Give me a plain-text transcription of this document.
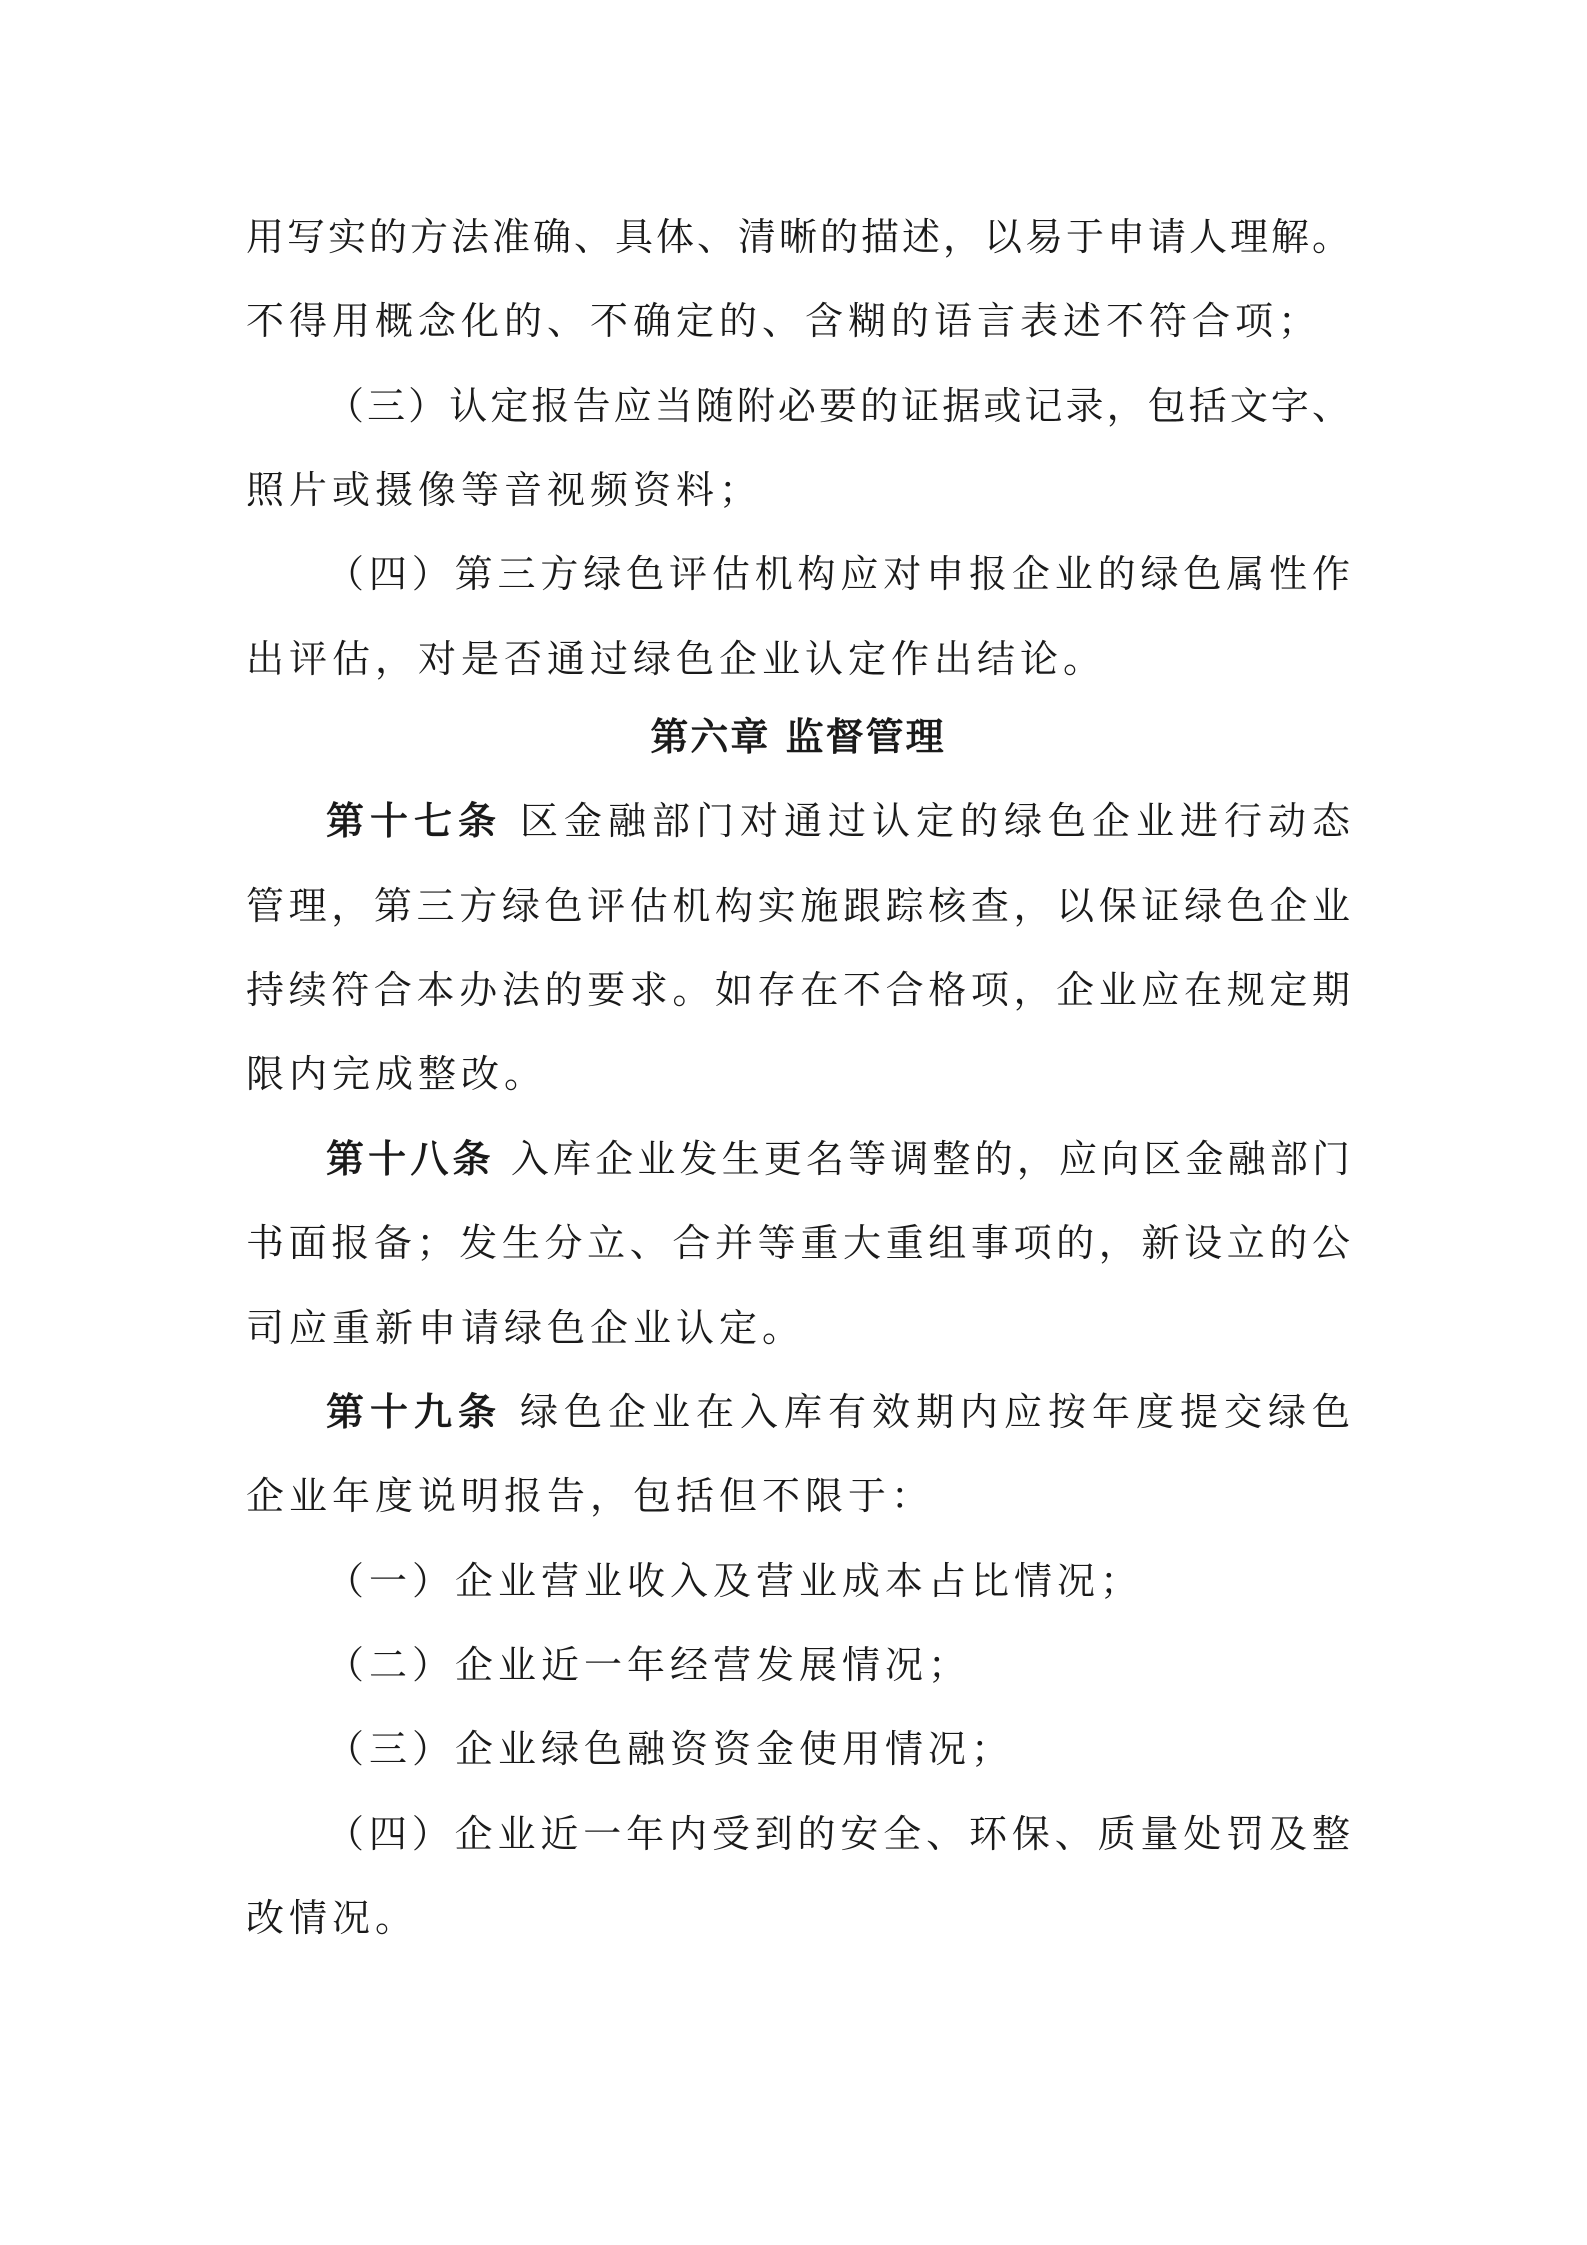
用写实的方法准确、具体、清晰的描述，以易于申请人理解。
不得用概念化的、不确定的、含糊的语言表述不符合项；
（三）认定报告应当随附必要的证据或记录，包括文字、
照片或摄像等音视频资料；
（四）第三方绿色评估机构应对申报企业的绿色属性作
出评估，对是否通过绿色企业认定作出结论。
第六章 监督管理
第十七条 区金融部门对通过认定的绿色企业进行动态
管理，第三方绿色评估机构实施跟踪核查，以保证绿色企业
持续符合本办法的要求。如存在不合格项，企业应在规定期
限内完成整改。
第十八条 入库企业发生更名等调整的，应向区金融部门
书面报备；发生分立、合并等重大重组事项的，新设立的公
司应重新申请绿色企业认定。
第十九条 绿色企业在入库有效期内应按年度提交绿色
企业年度说明报告，包括但不限于：
（一）企业营业收入及营业成本占比情况；
（二）企业近一年经营发展情况；
（三）企业绿色融资资金使用情况；
（四）企业近一年内受到的安全、环保、质量处罚及整
改情况。
